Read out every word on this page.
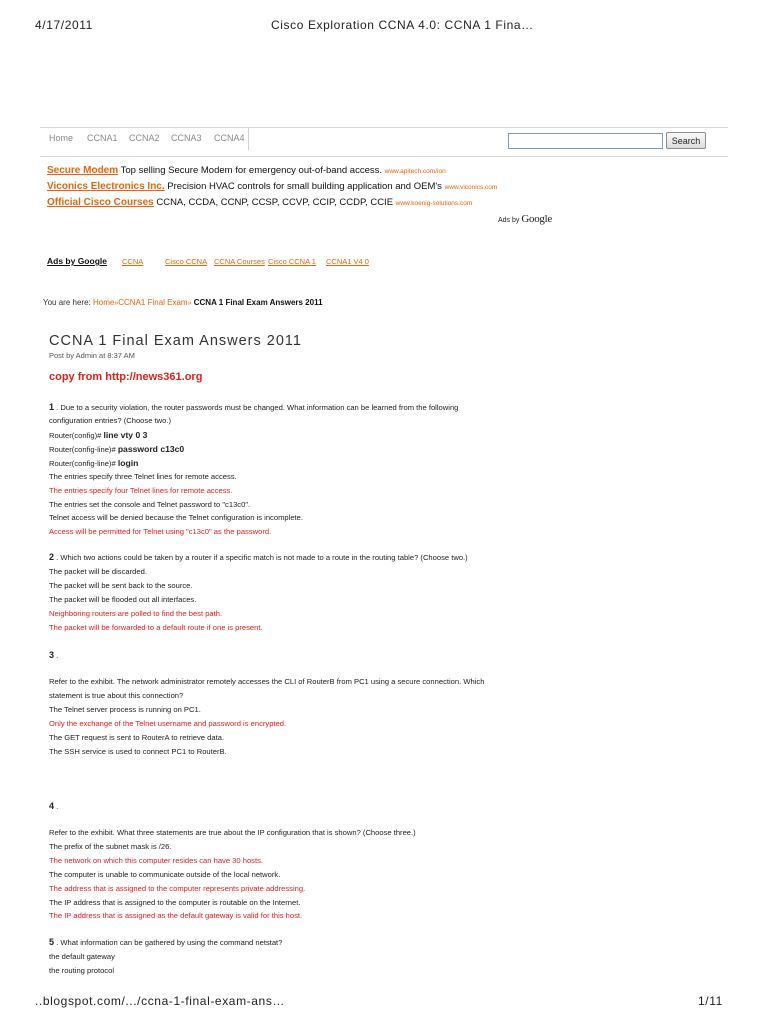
4/17/2011	Cisco Exploration CCNA 4.0: CCNA 1 Fina…
Home CCNA1 CCNA2 CCNA3 CCNA4	Search
Secure Modem Top selling Secure Modem for emergency out-of-band access. www.apitech.com/ion
Viconics Electronics Inc. Precision HVAC controls for small building application and OEM's www.viconics.com
Official Cisco Courses CCNA, CCDA, CCNP, CCSP, CCVP, CCIP, CCDP, CCIE www.koenig-solutions.com
Ads by Google
Ads by Google CCNA	Cisco CCNA CCNA Courses Cisco CCNA 1 CCNA1 V4 0
You are here: Home»CCNA1 Final Exam» CCNA 1 Final Exam Answers 2011
CCNA 1 Final Exam Answers 2011
Post by Admin at 8:37 AM
copy from http://news361.org
1 . Due to a security violation, the router passwords must be changed. What information can be learned from the following
configuration entries? (Choose two.)
Router(config)# line vty 0 3
Router(config-line)# password c13c0
Router(config-line)# login
The entries specify three Telnet lines for remote access.
The entries specify four Telnet lines for remote access.
The entries set the console and Telnet password to "c13c0".
Telnet access will be denied because the Telnet configuration is incomplete.
Access will be permitted for Telnet using "c13c0" as the password.
2 . Which two actions could be taken by a router if a specific match is not made to a route in the routing table? (Choose two.)
The packet will be discarded.
The packet will be sent back to the source.
The packet will be flooded out all interfaces.
Neighboring routers are polled to find the best path.
The packet will be forwarded to a default route if one is present.
3 .
Refer to the exhibit. The network administrator remotely accesses the CLI of RouterB from PC1 using a secure connection. Which
statement is true about this connection?
The Telnet server process is running on PC1.
Only the exchange of the Telnet username and password is encrypted.
The GET request is sent to RouterA to retrieve data.
The SSH service is used to connect PC1 to RouterB.
4 .
Refer to the exhibit. What three statements are true about the IP configuration that is shown? (Choose three.)
The prefix of the subnet mask is /26.
The network on which this computer resides can have 30 hosts.
The computer is unable to communicate outside of the local network.
The address that is assigned to the computer represents private addressing.
The IP address that is assigned to the computer is routable on the Internet.
The IP address that is assigned as the default gateway is valid for this host.
5 . What information can be gathered by using the command netstat?
the default gateway
the routing protocol
..blogspot.com/.../ccna-1-final-exam-ans…	1/11
